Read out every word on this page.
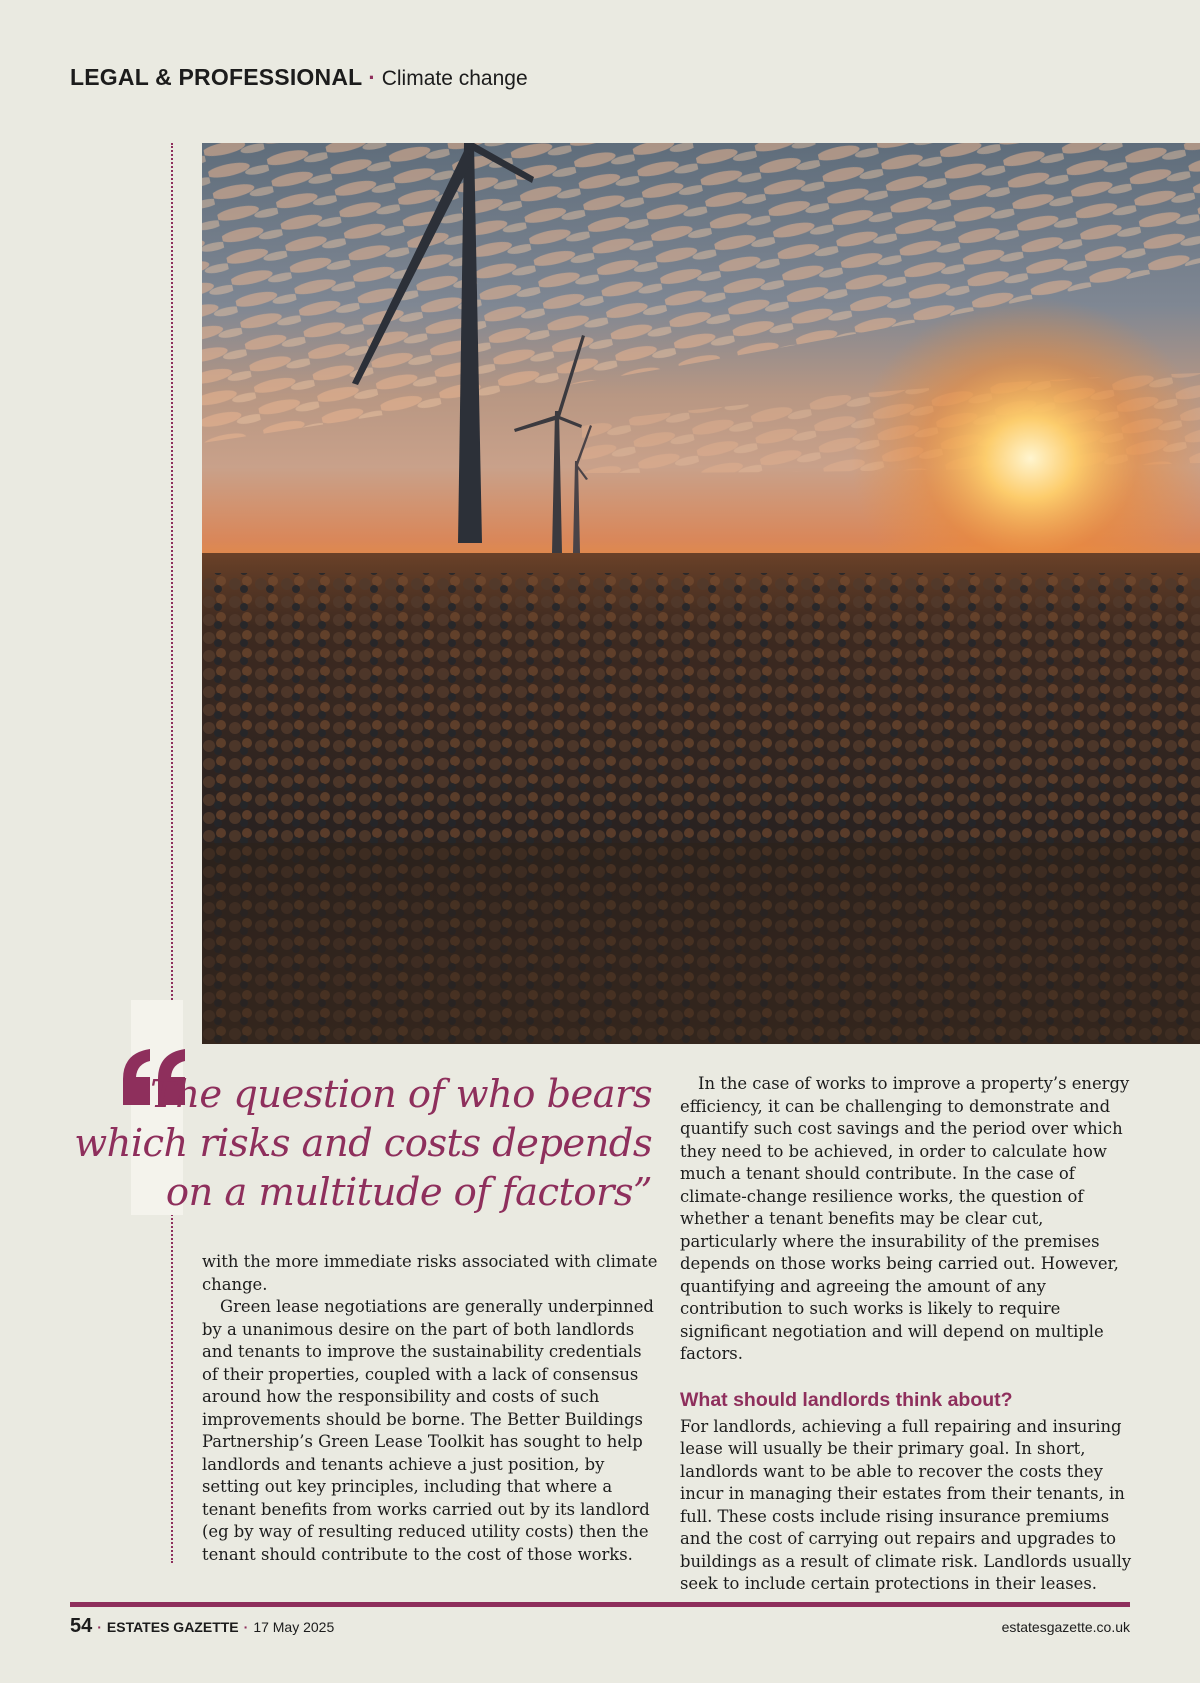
LEGAL & PROFESSIONAL · Climate change
The question of who bears which risks and costs depends on a multitude of factors”

with the more immediate risks associated with climate change.

Green lease negotiations are generally underpinned by a unanimous desire on the part of both landlords and tenants to improve the sustainability credentials of their properties, coupled with a lack of consensus around how the responsibility and costs of such improvements should be borne. The Better Buildings Partnership’s Green Lease Toolkit has sought to help landlords and tenants achieve a just position, by setting out key principles, including that where a tenant benefits from works carried out by its landlord (eg by way of resulting reduced utility costs) then the tenant should contribute to the cost of those works.

In the case of works to improve a property’s energy efficiency, it can be challenging to demonstrate and quantify such cost savings and the period over which they need to be achieved, in order to calculate how much a tenant should contribute. In the case of climate-change resilience works, the question of whether a tenant benefits may be clear cut, particularly where the insurability of the premises depends on those works being carried out. However, quantifying and agreeing the amount of any contribution to such works is likely to require significant negotiation and will depend on multiple factors.

What should landlords think about?

For landlords, achieving a full repairing and insuring lease will usually be their primary goal. In short, landlords want to be able to recover the costs they incur in managing their estates from their tenants, in full. These costs include rising insurance premiums and the cost of carrying out repairs and upgrades to buildings as a result of climate risk. Landlords usually seek to include certain protections in their leases.

54 · ESTATES GAZETTE · 17 May 2025	estatesgazette.co.uk
